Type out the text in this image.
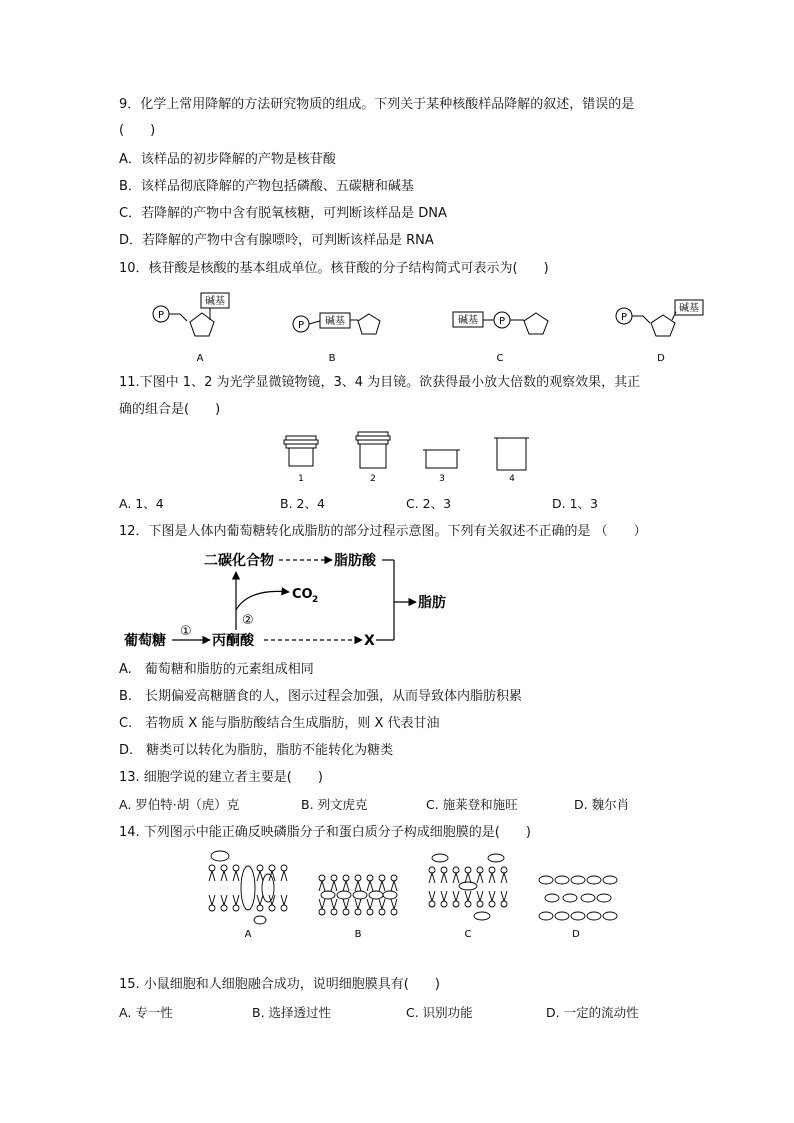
9．化学上常用降解的方法研究物质的组成。下列关于某种核酸样品降解的叙述，错误的是
(　　)
A．该样品的初步降解的产物是核苷酸
B．该样品彻底降解的产物包括磷酸、五碳糖和碱基
C．若降解的产物中含有脱氧核糖，可判断该样品是 DNA
D．若降解的产物中含有腺嘌呤，可判断该样品是 RNA
10．核苷酸是核酸的基本组成单位。核苷酸的分子结构简式可表示为(　　)
P
碱基
A
P 碱基
B
碱基 P
C
P
碱基
D
11.下图中 1、2 为光学显微镜物镜，3、4 为目镜。欲获得最小放大倍数的观察效果，其正
确的组合是(　　)
1	2	3	4
A. 1、4	B. 2、4	C. 2、3	D. 1、3
12．下图是人体内葡萄糖转化成脂肪的部分过程示意图。下列有关叙述不正确的是 （　　）
二碳化合物	脂肪酸
脂肪
CO 2
②
葡萄糖
①
丙酮酸	X
A.　葡萄糖和脂肪的元素组成相同
B.　长期偏爱高糖膳食的人，图示过程会加强，从而导致体内脂肪积累
C.　若物质 X 能与脂肪酸结合生成脂肪，则 X 代表甘油
D.　糖类可以转化为脂肪，脂肪不能转化为糖类
13. 细胞学说的建立者主要是(　　)
A. 罗伯特·胡（虎）克	B. 列文虎克	C. 施莱登和施旺	D. 魏尔肖
14. 下列图示中能正确反映磷脂分子和蛋白质分子构成细胞膜的是(　　)
A	B	C	D
15. 小鼠细胞和人细胞融合成功，说明细胞膜具有(　　)
A. 专一性	B. 选择透过性	C. 识别功能	D. 一定的流动性
